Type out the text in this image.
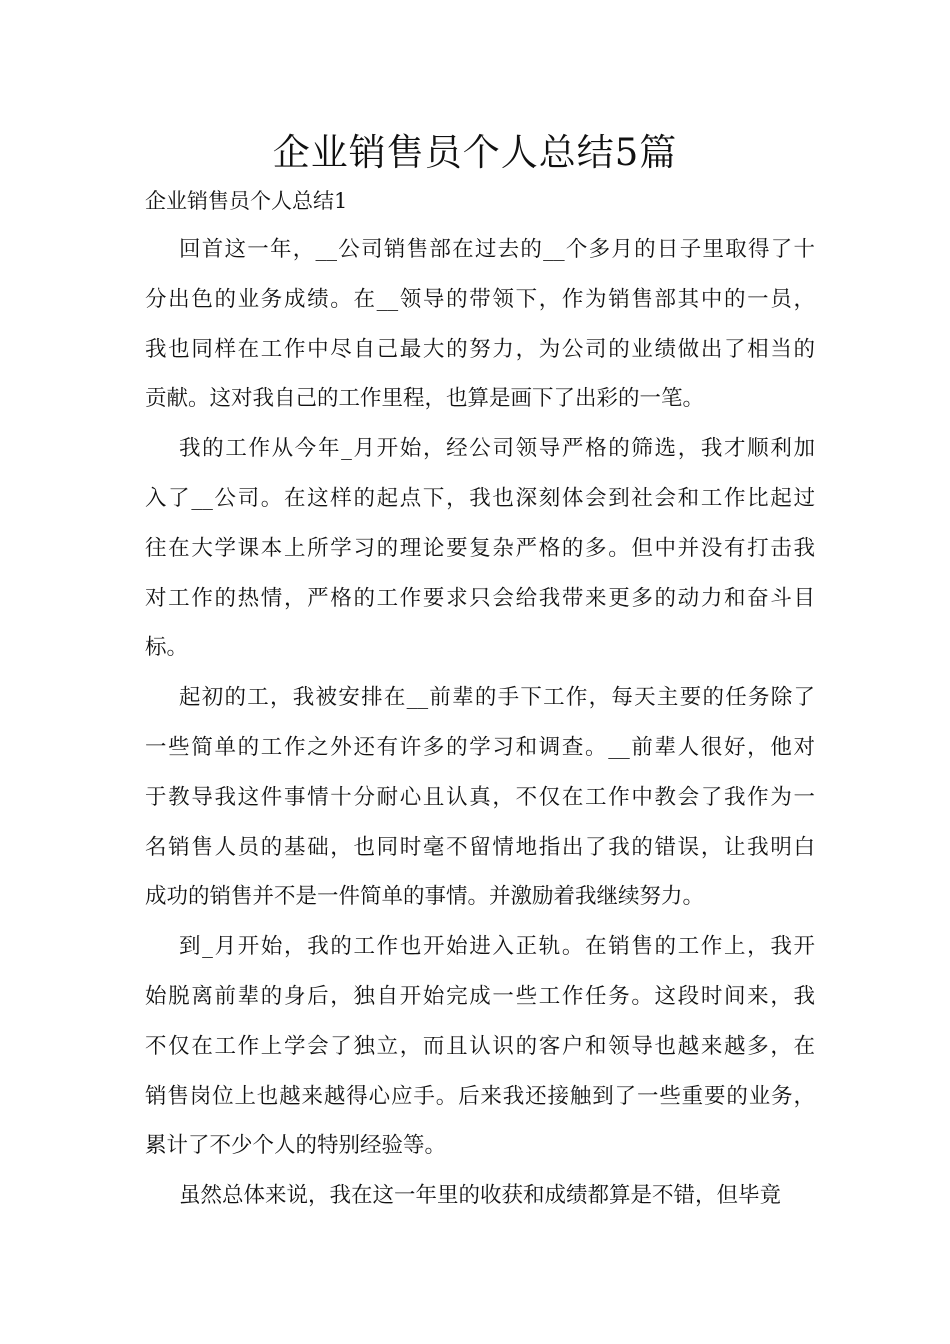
企业销售员个人总结5篇
企业销售员个人总结1
回首这一年，__公司销售部在过去的__个多月的日子里取得了十
分出色的业务成绩。在__领导的带领下，作为销售部其中的一员，
我也同样在工作中尽自己最大的努力，为公司的业绩做出了相当的
贡献。这对我自己的工作里程，也算是画下了出彩的一笔。
我的工作从今年_月开始，经公司领导严格的筛选，我才顺利加
入了__公司。在这样的起点下，我也深刻体会到社会和工作比起过
往在大学课本上所学习的理论要复杂严格的多。但中并没有打击我
对工作的热情，严格的工作要求只会给我带来更多的动力和奋斗目
标。
起初的工，我被安排在__前辈的手下工作，每天主要的任务除了
一些简单的工作之外还有许多的学习和调查。__前辈人很好，他对
于教导我这件事情十分耐心且认真，不仅在工作中教会了我作为一
名销售人员的基础，也同时毫不留情地指出了我的错误，让我明白
成功的销售并不是一件简单的事情。并激励着我继续努力。
到_月开始，我的工作也开始进入正轨。在销售的工作上，我开
始脱离前辈的身后，独自开始完成一些工作任务。这段时间来，我
不仅在工作上学会了独立，而且认识的客户和领导也越来越多，在
销售岗位上也越来越得心应手。后来我还接触到了一些重要的业务，
累计了不少个人的特别经验等。
虽然总体来说，我在这一年里的收获和成绩都算是不错，但毕竟
